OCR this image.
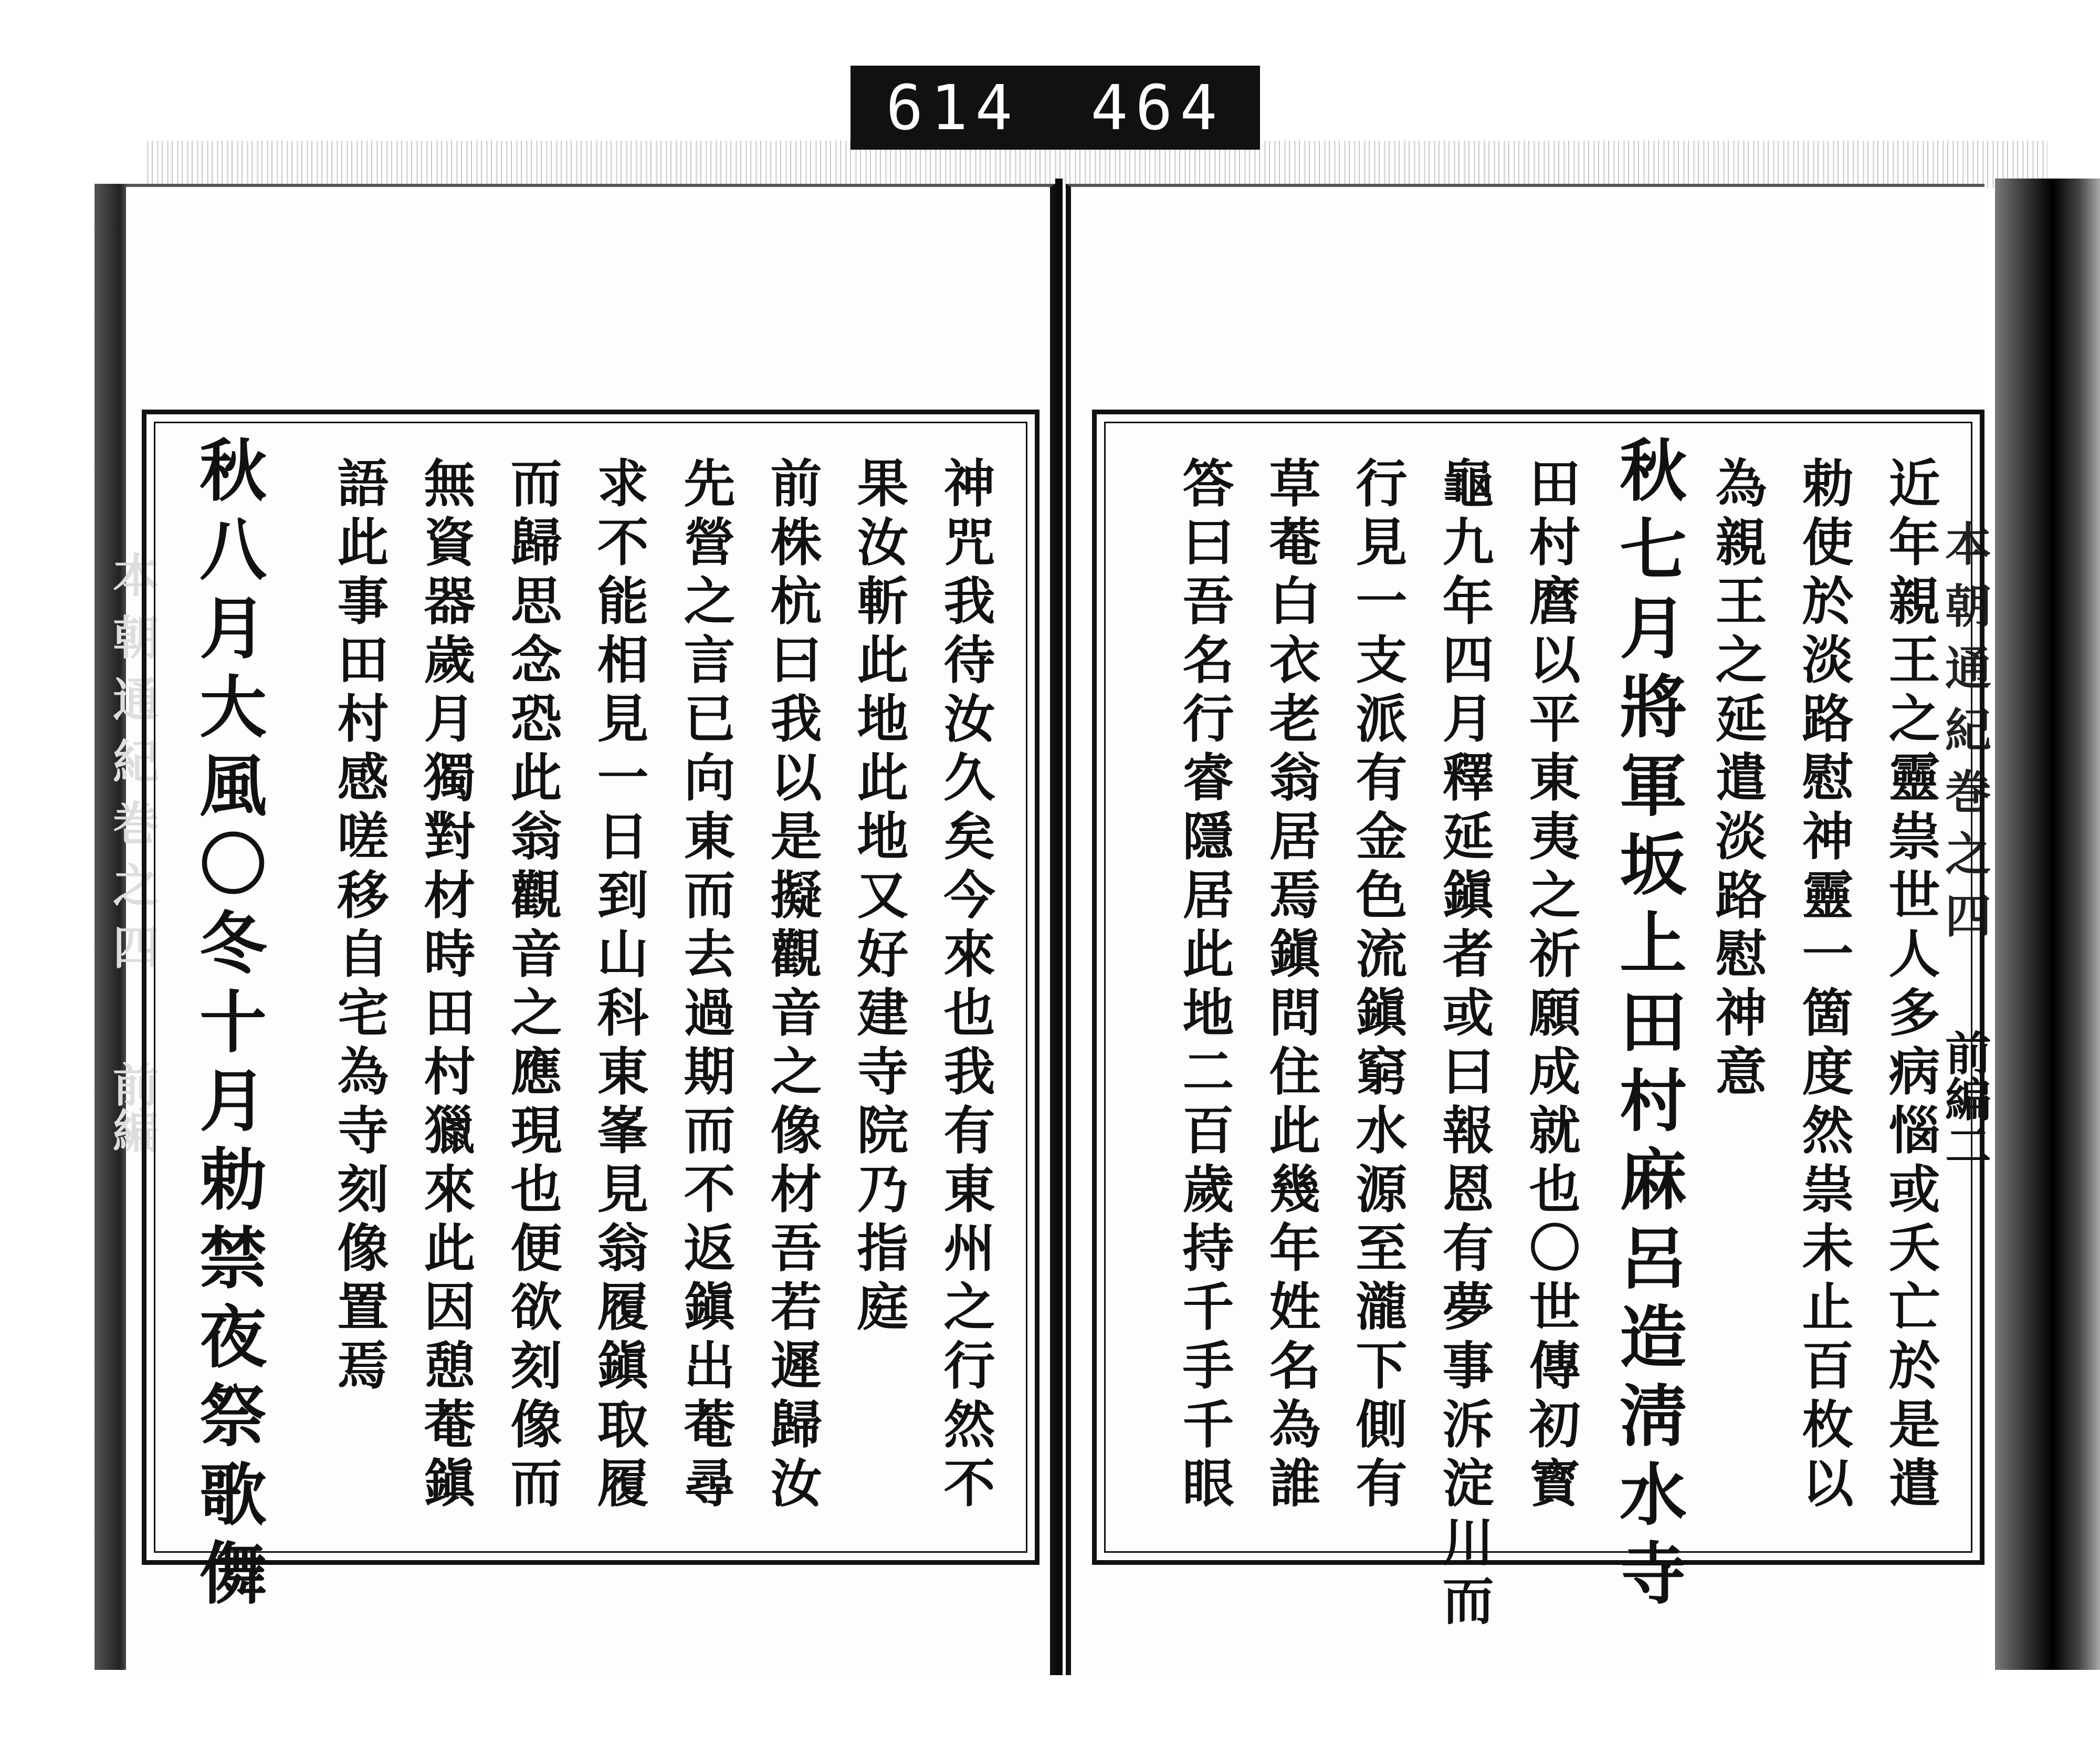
614 464
本朝通紀巻之四
前編二
本朝通紀巻之四
前編	近年親王之靈祟世人多病惱或夭亡於是遣
勅使於淡路慰神靈一箇度然祟未止百枚以
為親王之延遣淡路慰神意
秋七月將軍坂上田村麻呂造淸水寺
田村麿以平東夷之祈願成就也〇世傳初寳
龜九年四月釋延鎭者或曰報恩有夢事泝淀川而
行見一支派有金色流鎭窮水源至瀧下側有
草菴白衣老翁居焉鎭問住此幾年姓名為誰
答曰吾名行睿隱居此地二百歲持千手千眼
神咒我待汝久矣今來也我有東州之行然不
果汝斬此地此地又好建寺院乃指庭
前株杭曰我以是擬觀音之像材吾若遲歸汝
先營之言已向東而去過期而不返鎭出菴尋
求不能相見一日到山科東峯見翁履鎭取履
而歸思念恐此翁觀音之應現也便欲刻像而
無資器歲月獨對材時田村獵來此因憩菴鎭
語此事田村感嗟移自宅為寺刻像置焉
秋八月大風〇冬十月勅禁夜祭歌儛
